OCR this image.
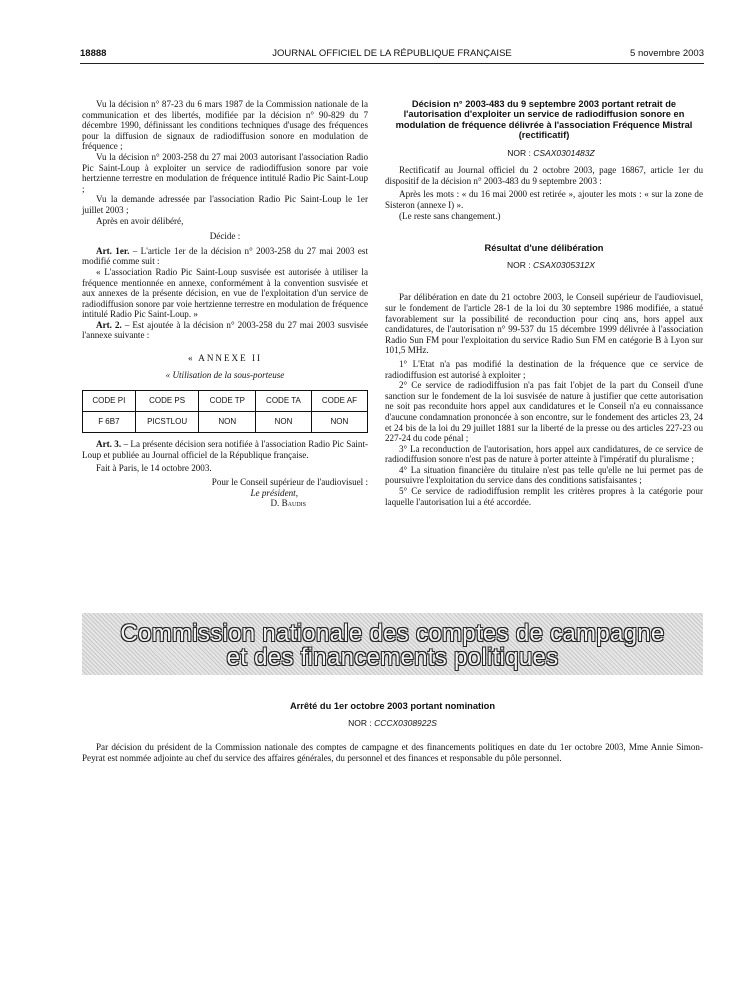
18888	JOURNAL OFFICIEL DE LA RÉPUBLIQUE FRANÇAISE	5 novembre 2003

Vu la décision n° 87-23 du 6 mars 1987 de la Commission nationale de la communication et des libertés, modifiée par la décision n° 90-829 du 7 décembre 1990, définissant les conditions techniques d'usage des fréquences pour la diffusion de signaux de radiodiffusion sonore en modulation de fréquence ;

Vu la décision n° 2003-258 du 27 mai 2003 autorisant l'association Radio Pic Saint-Loup à exploiter un service de radiodiffusion sonore par voie hertzienne terrestre en modulation de fréquence intitulé Radio Pic Saint-Loup ;

Vu la demande adressée par l'association Radio Pic Saint-Loup le 1er juillet 2003 ;

Après en avoir délibéré,

Décide :

Art. 1er. – L'article 1er de la décision n° 2003-258 du 27 mai 2003 est modifié comme suit :

« L'association Radio Pic Saint-Loup susvisée est autorisée à utiliser la fréquence mentionnée en annexe, conformément à la convention susvisée et aux annexes de la présente décision, en vue de l'exploitation d'un service de radiodiffusion sonore par voie hertzienne terrestre en modulation de fréquence intitulé Radio Pic Saint-Loup. »

Art. 2. – Est ajoutée à la décision n° 2003-258 du 27 mai 2003 susvisée l'annexe suivante :

« ANNEXE II

« Utilisation de la sous-porteuse

CODE PI	CODE PS	CODE TP	CODE TA	CODE AF
F 6B7	PICSTLOU	NON	NON	NON

Art. 3. – La présente décision sera notifiée à l'association Radio Pic Saint-Loup et publiée au Journal officiel de la République française.

Fait à Paris, le 14 octobre 2003.

Pour le Conseil supérieur de l'audiovisuel :

Le président,

D. Baudis

Décision n° 2003-483 du 9 septembre 2003 portant retrait de l'autorisation d'exploiter un service de radiodiffusion sonore en modulation de fréquence délivrée à l'association Fréquence Mistral (rectificatif)

NOR : CSAX0301483Z

Rectificatif au Journal officiel du 2 octobre 2003, page 16867, article 1er du dispositif de la décision n° 2003-483 du 9 septembre 2003 :

Après les mots : « du 16 mai 2000 est retirée », ajouter les mots : « sur la zone de Sisteron (annexe I) ».

(Le reste sans changement.)

Résultat d'une délibération

NOR : CSAX0305312X

Par délibération en date du 21 octobre 2003, le Conseil supérieur de l'audiovisuel, sur le fondement de l'article 28-1 de la loi du 30 septembre 1986 modifiée, a statué favorablement sur la possibilité de reconduction pour cinq ans, hors appel aux candidatures, de l'autorisation n° 99-537 du 15 décembre 1999 délivrée à l'association Radio Sun FM pour l'exploitation du service Radio Sun FM en catégorie B à Lyon sur 101,5 MHz.

1° L'Etat n'a pas modifié la destination de la fréquence que ce service de radiodiffusion est autorisé à exploiter ;

2° Ce service de radiodiffusion n'a pas fait l'objet de la part du Conseil d'une sanction sur le fondement de la loi susvisée de nature à justifier que cette autorisation ne soit pas reconduite hors appel aux candidatures et le Conseil n'a eu connaissance d'aucune condamnation prononcée à son encontre, sur le fondement des articles 23, 24 et 24 bis de la loi du 29 juillet 1881 sur la liberté de la presse ou des articles 227-23 ou 227-24 du code pénal ;

3° La reconduction de l'autorisation, hors appel aux candidatures, de ce service de radiodiffusion sonore n'est pas de nature à porter atteinte à l'impératif du pluralisme ;

4° La situation financière du titulaire n'est pas telle qu'elle ne lui permet pas de poursuivre l'exploitation du service dans des conditions satisfaisantes ;

5° Ce service de radiodiffusion remplit les critères propres à la catégorie pour laquelle l'autorisation lui a été accordée.

Commission nationale des comptes de campagne
et des financements politiques

Arrêté du 1er octobre 2003 portant nomination

NOR : CCCX0308922S

Par décision du président de la Commission nationale des comptes de campagne et des financements politiques en date du 1er octobre 2003, Mme Annie Simon-Peyrat est nommée adjointe au chef du service des affaires générales, du personnel et des finances et responsable du pôle personnel.
